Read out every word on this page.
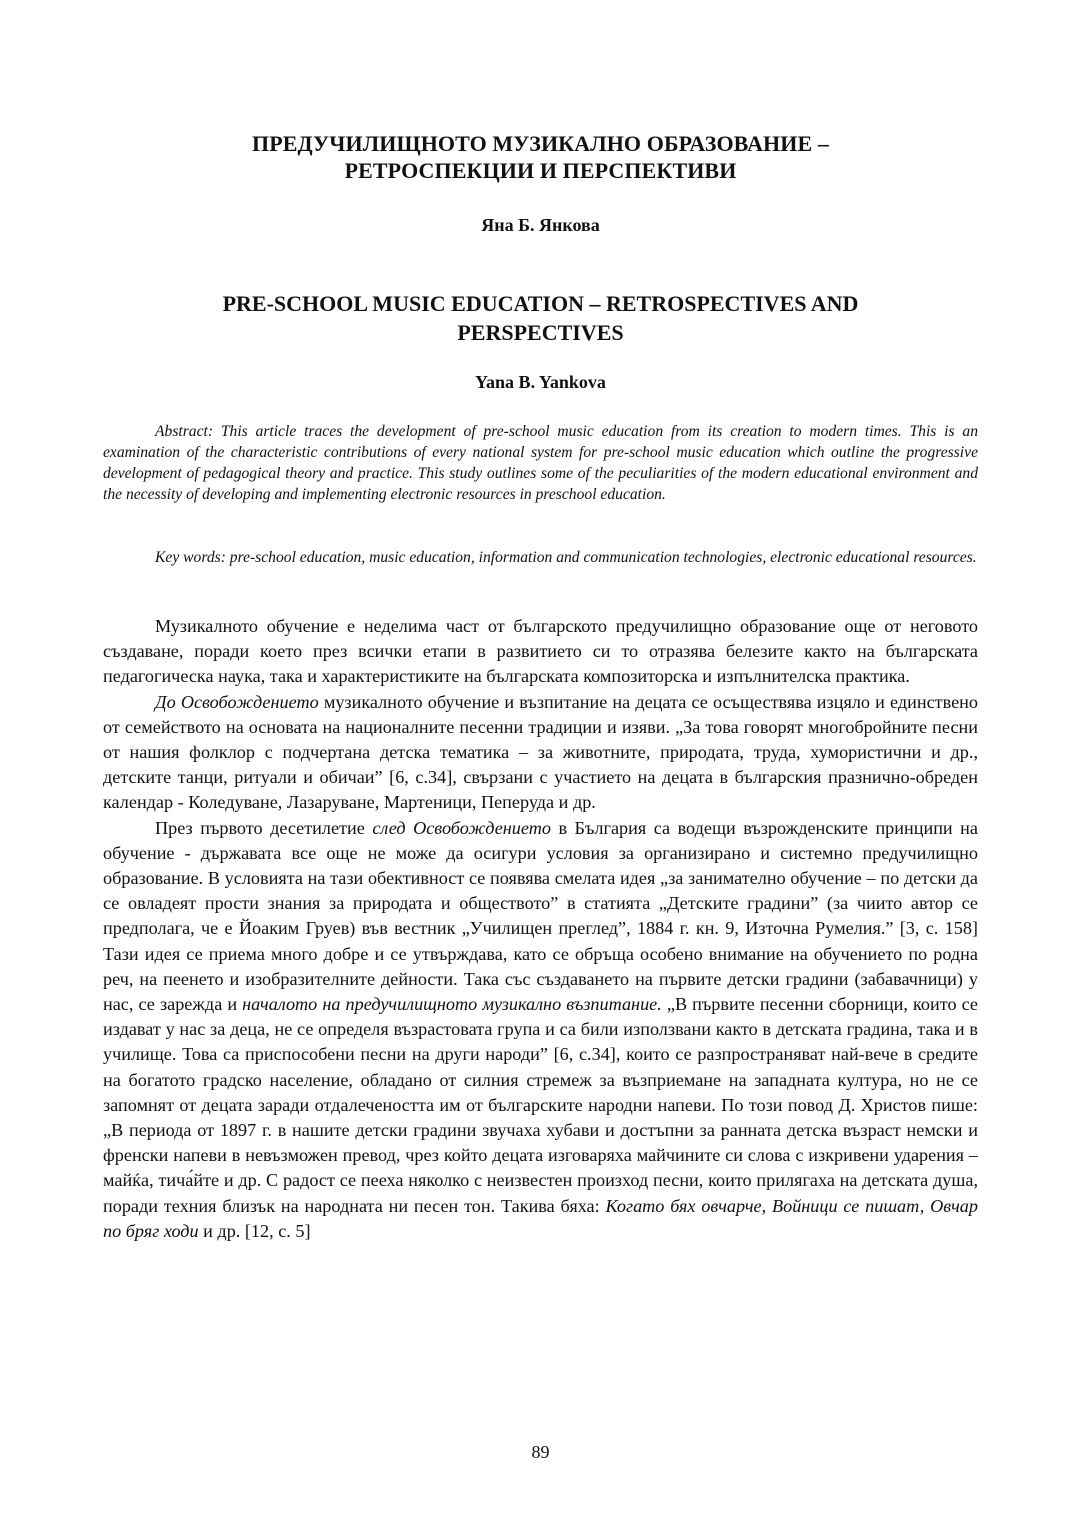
ПРЕДУЧИЛИЩНОТО МУЗИКАЛНО ОБРАЗОВАНИЕ –
РЕТРОСПЕКЦИИ И ПЕРСПЕКТИВИ
Яна Б. Янкова
PRE-SCHOOL MUSIC EDUCATION – RETROSPECTIVES AND
PERSPECTIVES
Yana B. Yankova

Abstract: This article traces the development of pre-school music education from its creation to modern times. This is an examination of the characteristic contributions of every national system for pre-school music education which outline the progressive development of pedagogical theory and practice. This study outlines some of the peculiarities of the modern educational environment and the necessity of developing and implementing electronic resources in preschool education.

Key words: pre-school education, music education, information and communication technologies, electronic educational resources.

Музикалното обучение е неделима част от българското предучилищно образование още от неговото създаване, поради което през всички етапи в развитието си то отразява белезите както на българската педагогическа наука, така и характеристиките на българската композиторска и изпълнителска практика.

До Освобождението музикалното обучение и възпитание на децата се осъществява изцяло и единствено от семейството на основата на националните песенни традиции и изяви. „За това говорят многобройните песни от нашия фолклор с подчертана детска тематика – за животните, природата, труда, хумористични и др., детските танци, ритуали и обичаи” [6, с.34], свързани с участието на децата в българския празнично-обреден календар - Коледуване, Лазаруване, Мартеници, Пеперуда и др.

През първото десетилетие след Освобождението в България са водещи възрожденските принципи на обучение - държавата все още не може да осигури условия за организирано и системно предучилищно образование. В условията на тази обективност се появява смелата идея „за занимателно обучение – по детски да се овладеят прости знания за природата и обществото” в статията „Детските градини” (за чиито автор се предполага, че е Йоаким Груев) във вестник „Училищен преглед”, 1884 г. кн. 9, Източна Румелия.” [3, с. 158] Тази идея се приема много добре и се утвърждава, като се обръща особено внимание на обучението по родна реч, на пеенето и изобразителните дейности. Така със създаването на първите детски градини (забавачници) у нас, се зарежда и началото на предучилищното музикално възпитание. „В първите песенни сборници, които се издават у нас за деца, не се определя възрастовата група и са били използвани както в детската градина, така и в училище. Това са приспособени песни на други народи” [6, с.34], които се разпространяват най-вече в средите на богатото градско население, обладано от силния стремеж за възприемане на западната култура, но не се запомнят от децата заради отдалечеността им от българските народни напеви. По този повод Д. Христов пише: „В периода от 1897 г. в нашите детски градини звучаха хубави и достъпни за ранната детска възраст немски и френски напеви в невъзможен превод, чрез който децата изговаряха майчините си слова с изкривени ударения – майќа, тича́йте и др. С радост се пееха няколко с неизвестен произход песни, които прилягаха на детската душа, поради техния близък на народната ни песен тон. Такива бяха: Когато бях овчарче, Войници се пишат, Овчар по бряг ходи и др. [12, с. 5]

89
